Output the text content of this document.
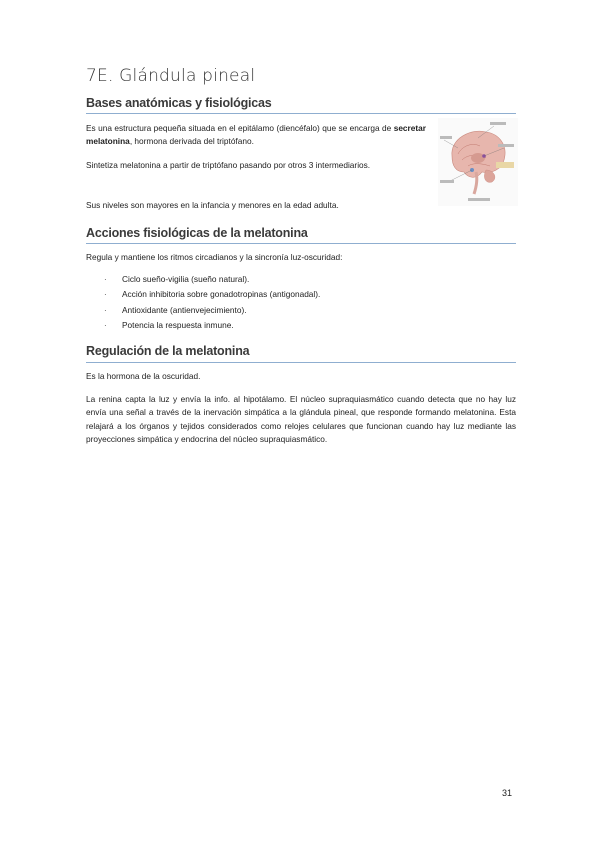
7E. Glándula pineal
Bases anatómicas y fisiológicas
Es una estructura pequeña situada en el epitálamo (diencéfalo) que se encarga de secretar melatonina, hormona derivada del triptófano.
Sintetiza melatonina a partir de triptófano pasando por otros 3 intermediarios.
Sus niveles son mayores en la infancia y menores en la edad adulta.
Acciones fisiológicas de la melatonina
Regula y mantiene los ritmos circadianos y la sincronía luz-oscuridad:
·	Ciclo sueño-vigilia (sueño natural).
·	Acción inhibitoria sobre gonadotropinas (antigonadal).
·	Antioxidante (antienvejecimiento).
·	Potencia la respuesta inmune.
Regulación de la melatonina
Es la hormona de la oscuridad.
La renina capta la luz y envía la info. al hipotálamo. El núcleo supraquiasmático cuando detecta que no hay luz envía una señal a través de la inervación simpática a la glándula pineal, que responde formando melatonina. Esta relajará a los órganos y tejidos considerados como relojes celulares que funcionan cuando hay luz mediante las proyecciones simpática y endocrina del núcleo supraquiasmático.
31
